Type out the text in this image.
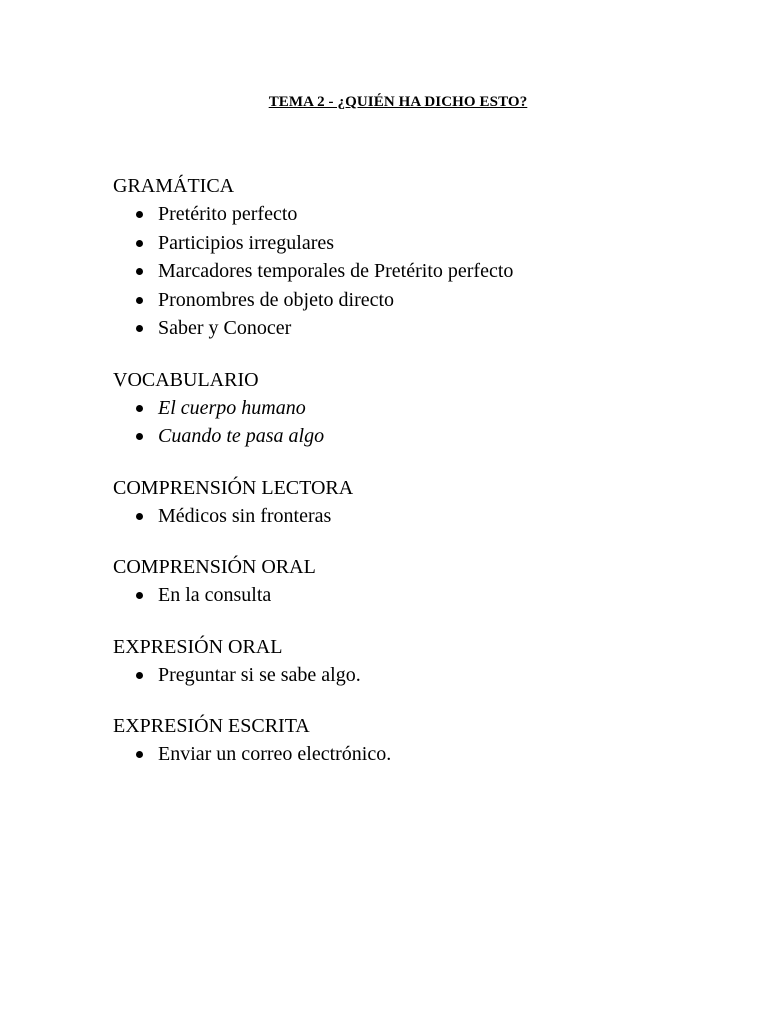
TEMA 2 - ¿QUIÉN HA DICHO ESTO?
GRAMÁTICA
Pretérito perfecto
Participios irregulares
Marcadores temporales de Pretérito perfecto
Pronombres de objeto directo
Saber y Conocer
VOCABULARIO
El cuerpo humano
Cuando te pasa algo
COMPRENSIÓN LECTORA
Médicos sin fronteras
COMPRENSIÓN ORAL
En la consulta
EXPRESIÓN ORAL
Preguntar si se sabe algo.
EXPRESIÓN ESCRITA
Enviar un correo electrónico.
